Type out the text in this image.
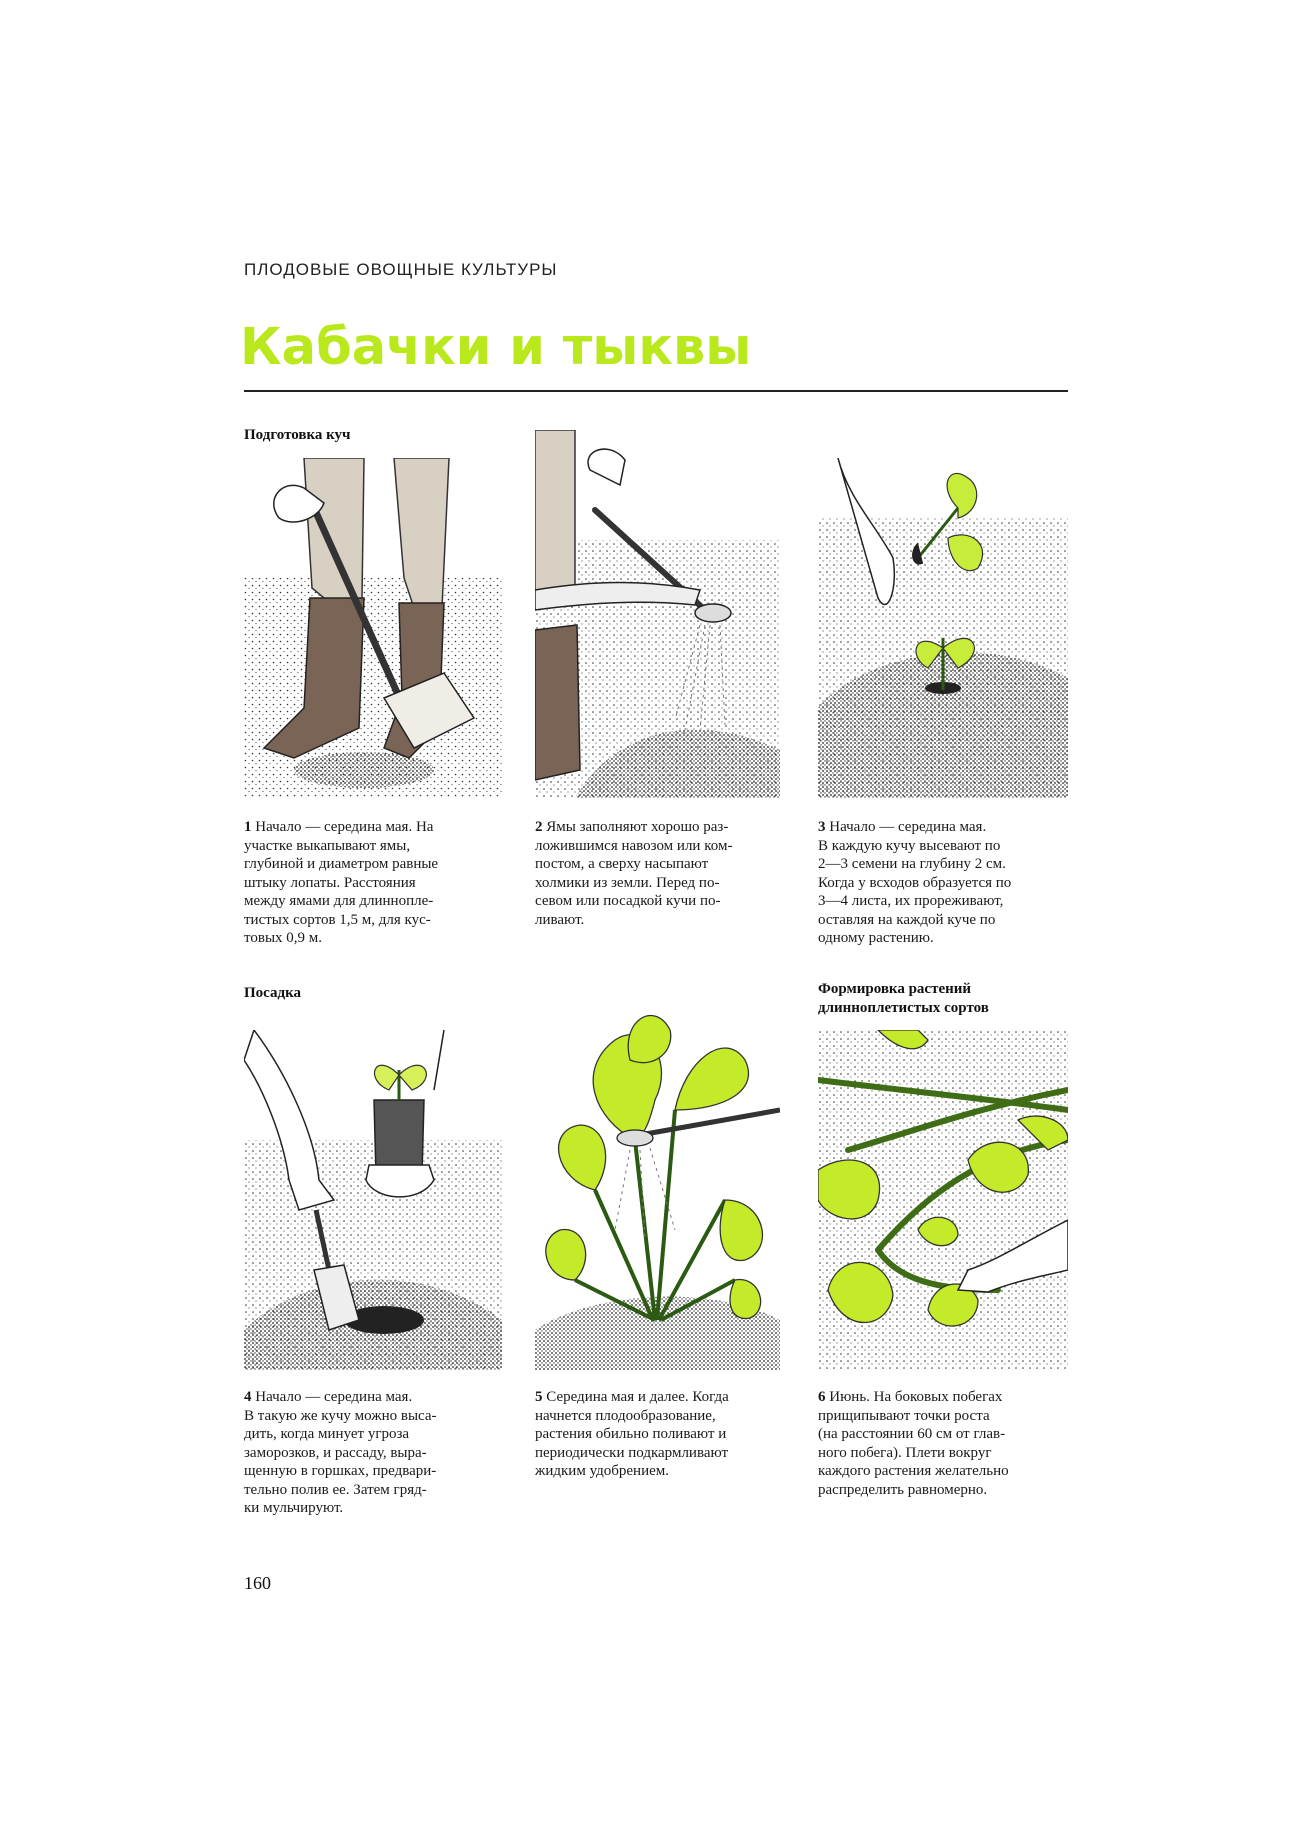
ПЛОДОВЫЕ ОВОЩНЫЕ КУЛЬТУРЫ
Кабачки и тыквы
Подготовка куч
Посадка	Формировка растений
длинноплетистых сортов
1 Начало — середина мая. На
участке выкапывают ямы,
глубиной и диаметром равные
штыку лопаты. Расстояния
между ямами для длинноплe-
тистых сортов 1,5 м, для кус-
товых 0,9 м.
2 Ямы заполняют хорошо раз-
ложившимся навозом или ком-
постом, а сверху насыпают
холмики из земли. Перед по-
севом или посадкой кучи по-
ливают.
3 Начало — середина мая.
В каждую кучу высевают по
2—3 семени на глубину 2 см.
Когда у всходов образуется по
3—4 листа, их прореживают,
оставляя на каждой куче по
одному растению.
4 Начало — середина мая.
В такую же кучу можно выса-
дить, когда минует угроза
заморозков, и рассаду, выра-
щенную в горшках, предвари-
тельно полив ее. Затем гряд-
ки мульчируют.
5 Середина мая и далее. Когда
начнется плодообразование,
растения обильно поливают и
периодически подкармливают
жидким удобрением.
6 Июнь. На боковых побегах
прищипывают точки роста
(на расстоянии 60 см от глав-
ного побега). Плети вокруг
каждого растения желательно
распределить равномерно.
160
